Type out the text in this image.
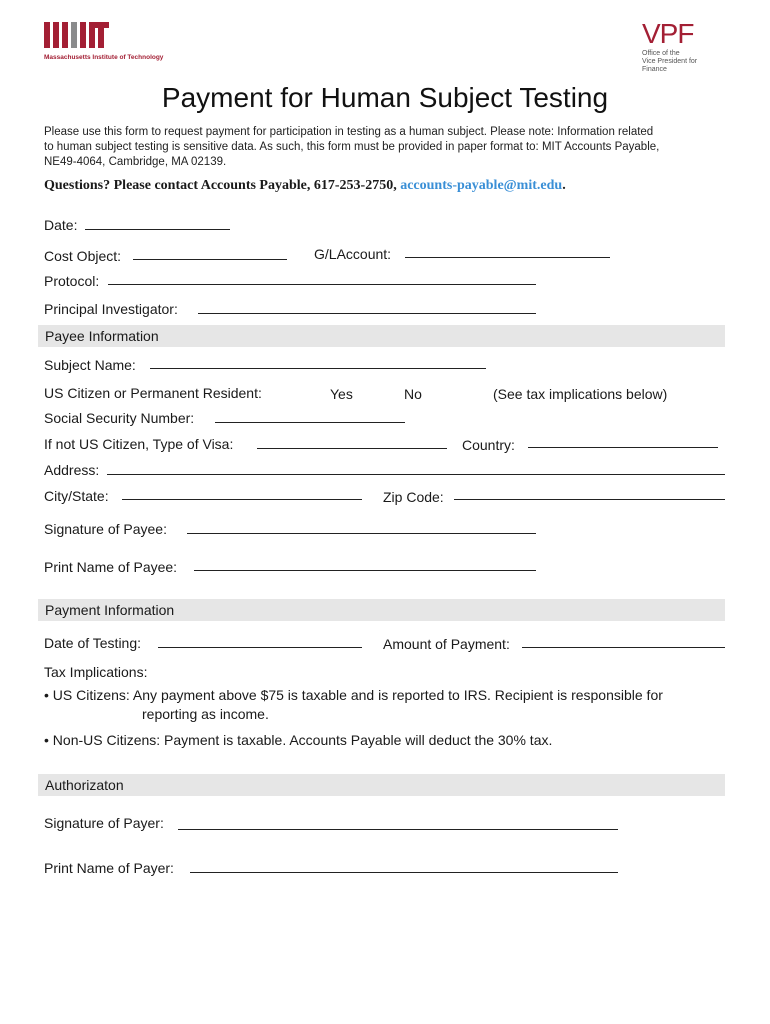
Massachusetts Institute of Technology
VPF
Office of the
Vice President for Finance
Payment for Human Subject Testing
Please use this form to request payment for participation in testing as a human subject. Please note: Information related
to human subject testing is sensitive data. As such, this form must be provided in paper format to: MIT Accounts Payable,
NE49-4064, Cambridge, MA 02139.
Questions? Please contact Accounts Payable, 617-253-2750, accounts-payable@mit.edu.
Date:
Cost Object:	G/LAccount:
Protocol:
Principal Investigator:
Payee Information
Subject Name:
US Citizen or Permanent Resident:	Yes	No	(See tax implications below)
Social Security Number:
If not US Citizen, Type of Visa:	Country:
Address:
City/State:	Zip Code:
Signature of Payee:
Print Name of Payee:
Payment Information
Date of Testing:	Amount of Payment:
Tax Implications:
• US Citizens: Any payment above $75 is taxable and is reported to IRS. Recipient is responsible for
reporting as income.
• Non-US Citizens: Payment is taxable. Accounts Payable will deduct the 30% tax.
Authorizaton
Signature of Payer:
Print Name of Payer:
